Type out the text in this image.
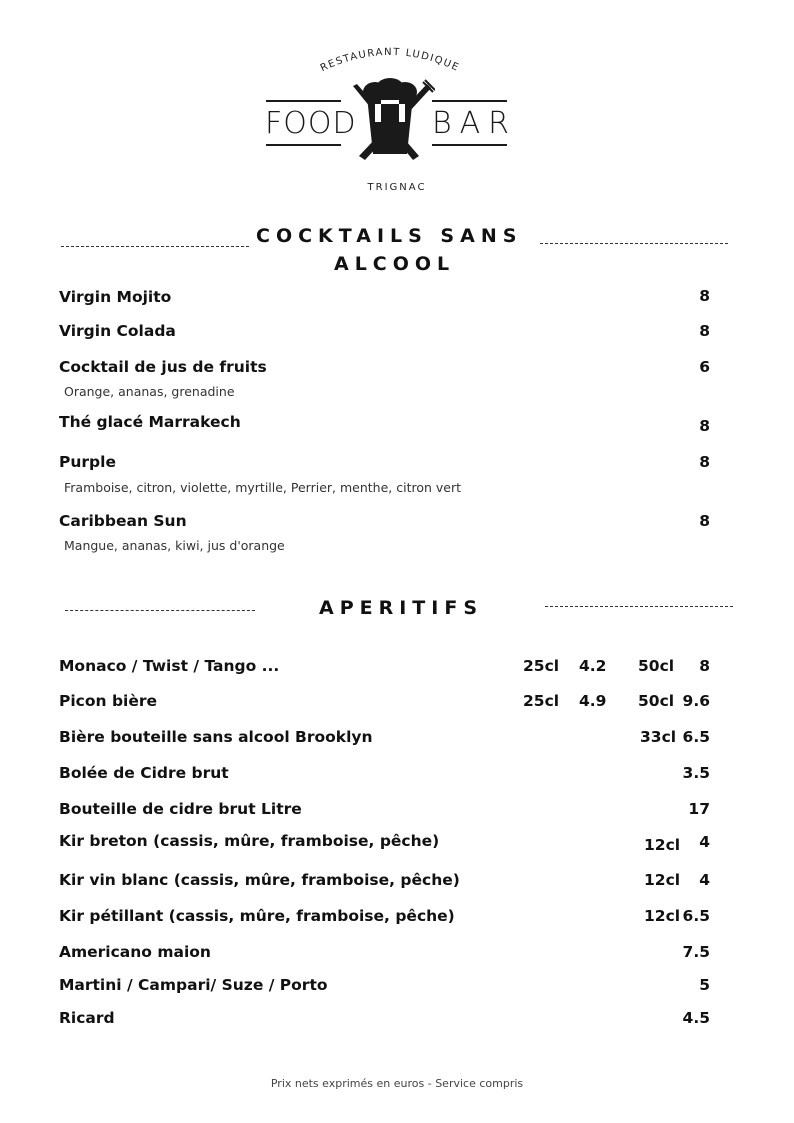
RESTAURANT LUDIQUE
FOOD	BAR
TRIGNAC
COCKTAILS SANS
ALCOOL
Virgin Mojito	8
Virgin Colada	8
Cocktail de jus de fruits	6
Orange, ananas, grenadine
Thé glacé Marrakech	8
Purple	8
Framboise, citron, violette, myrtille, Perrier, menthe, citron vert
Caribbean Sun	8
Mangue, ananas, kiwi, jus d'orange
APERITIFS
Monaco / Twist / Tango ...	25cl 4.2 50cl	8
Picon bière	25cl 4.9 50cl 9.6
Bière bouteille sans alcool Brooklyn	33cl 6.5
Bolée de Cidre brut	3.5
Bouteille de cidre brut Litre	17
Kir breton (cassis, mûre, framboise, pêche)	12cl	4
Kir vin blanc (cassis, mûre, framboise, pêche)	12cl	4
Kir pétillant (cassis, mûre, framboise, pêche)	12cl 6.5
Americano maion	7.5
Martini / Campari/ Suze / Porto	5
Ricard	4.5
Prix nets exprimés en euros - Service compris
